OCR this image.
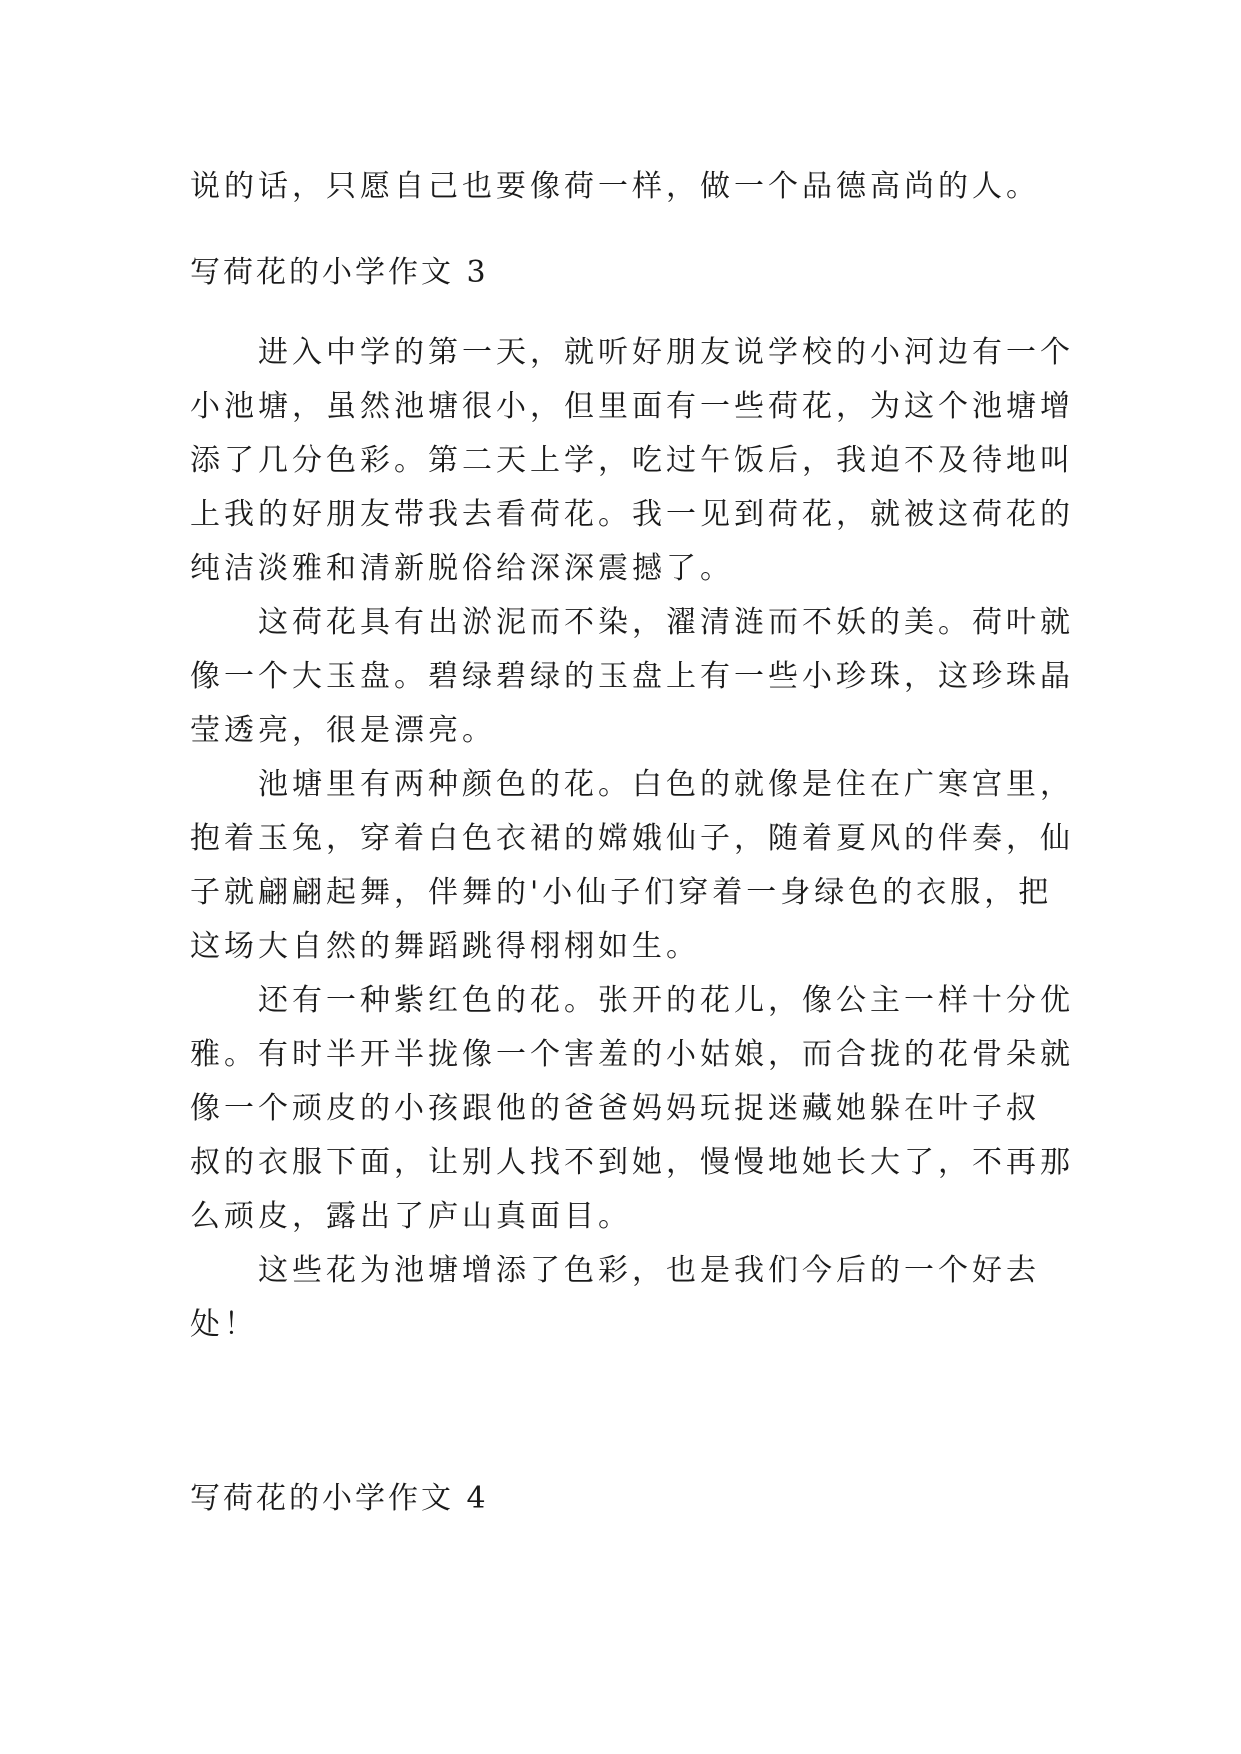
说的话，只愿自己也要像荷一样，做一个品德高尚的人。
写荷花的小学作文 3
进入中学的第一天，就听好朋友说学校的小河边有一个
小池塘，虽然池塘很小，但里面有一些荷花，为这个池塘增
添了几分色彩。第二天上学，吃过午饭后，我迫不及待地叫
上我的好朋友带我去看荷花。我一见到荷花，就被这荷花的
纯洁淡雅和清新脱俗给深深震撼了。
这荷花具有出淤泥而不染，濯清涟而不妖的美。荷叶就
像一个大玉盘。碧绿碧绿的玉盘上有一些小珍珠，这珍珠晶
莹透亮，很是漂亮。
池塘里有两种颜色的花。白色的就像是住在广寒宫里，
抱着玉兔，穿着白色衣裙的嫦娥仙子，随着夏风的伴奏，仙
子就翩翩起舞，伴舞的'小仙子们穿着一身绿色的衣服，把
这场大自然的舞蹈跳得栩栩如生。
还有一种紫红色的花。张开的花儿，像公主一样十分优
雅。有时半开半拢像一个害羞的小姑娘，而合拢的花骨朵就
像一个顽皮的小孩跟他的爸爸妈妈玩捉迷藏她躲在叶子叔
叔的衣服下面，让别人找不到她，慢慢地她长大了，不再那
么顽皮，露出了庐山真面目。
这些花为池塘增添了色彩，也是我们今后的一个好去
处！
写荷花的小学作文 4
